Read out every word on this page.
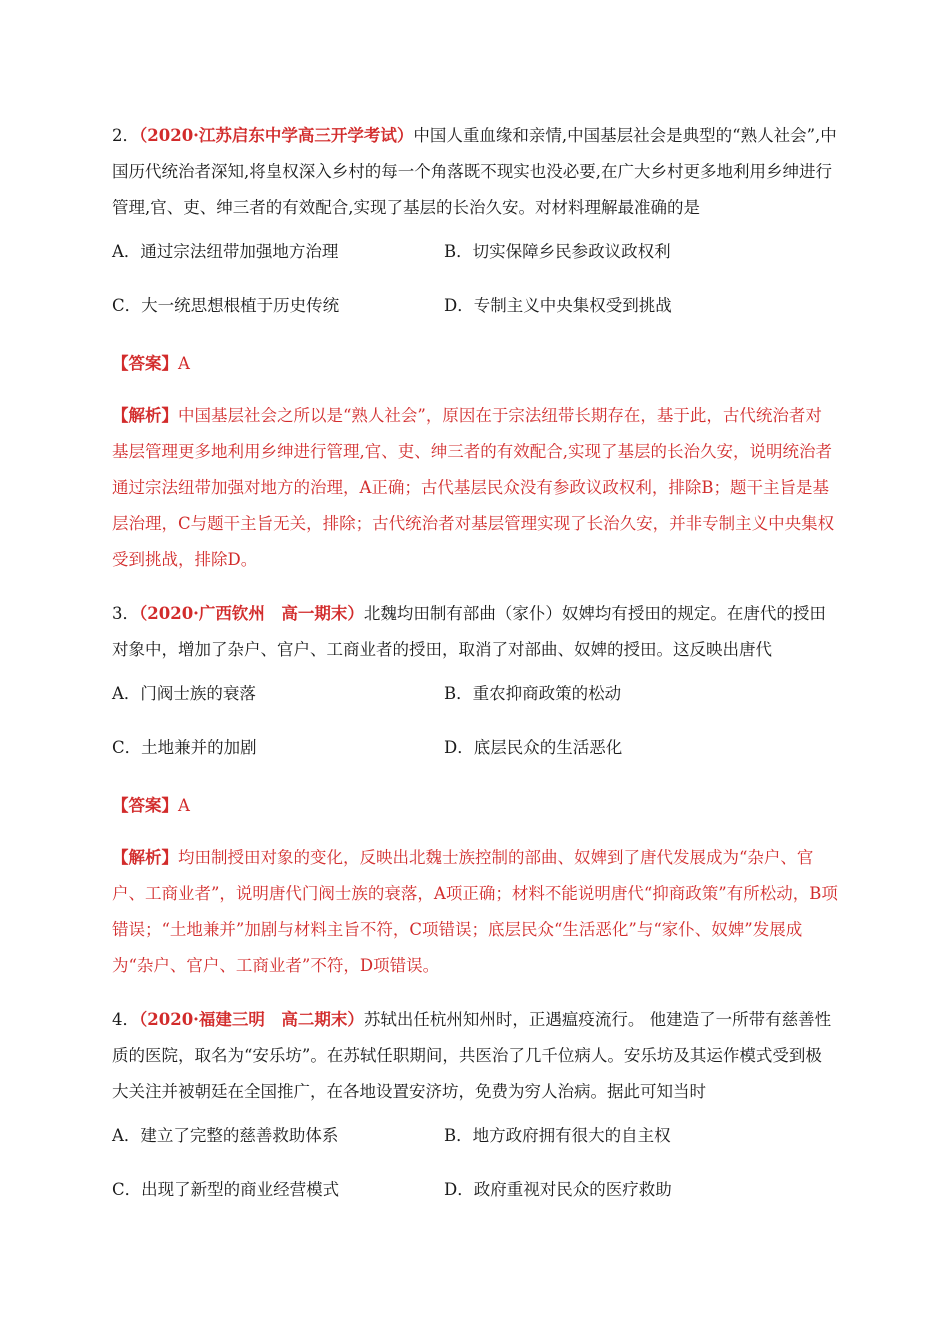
2．（2020·江苏启东中学高三开学考试）中国人重血缘和亲情,中国基层社会是典型的“熟人社会”,中国历代统治者深知,将皇权深入乡村的每一个角落既不现实也没必要,在广大乡村更多地利用乡绅进行管理,官、吏、绅三者的有效配合,实现了基层的长治久安。对材料理解最准确的是

A．通过宗法纽带加强地方治理	B．切实保障乡民参政议政权利
C．大一统思想根植于历史传统	D．专制主义中央集权受到挑战

【答案】A

【解析】中国基层社会之所以是“熟人社会”，原因在于宗法纽带长期存在，基于此，古代统治者对基层管理更多地利用乡绅进行管理,官、吏、绅三者的有效配合,实现了基层的长治久安，说明统治者通过宗法纽带加强对地方的治理，A正确；古代基层民众没有参政议政权利，排除B；题干主旨是基层治理，C与题干主旨无关，排除；古代统治者对基层管理实现了长治久安，并非专制主义中央集权受到挑战，排除D。

3．（2020·广西钦州　高一期末）北魏均田制有部曲（家仆）奴婢均有授田的规定。在唐代的授田对象中，增加了杂户、官户、工商业者的授田，取消了对部曲、奴婢的授田。这反映出唐代

A．门阀士族的衰落	B．重农抑商政策的松动
C．土地兼并的加剧	D．底层民众的生活恶化

【答案】A

【解析】均田制授田对象的变化，反映出北魏士族控制的部曲、奴婢到了唐代发展成为“杂户、官户、工商业者”，说明唐代门阀士族的衰落，A项正确；材料不能说明唐代“抑商政策”有所松动，B项错误；“土地兼并”加剧与材料主旨不符，C项错误；底层民众“生活恶化”与“家仆、奴婢”发展成为“杂户、官户、工商业者”不符，D项错误。

4．（2020·福建三明　高二期末）苏轼出任杭州知州时，正遇瘟疫流行。 他建造了一所带有慈善性质的医院，取名为“安乐坊”。在苏轼任职期间，共医治了几千位病人。安乐坊及其运作模式受到极大关注并被朝廷在全国推广，在各地设置安济坊，免费为穷人治病。据此可知当时

A．建立了完整的慈善救助体系	B．地方政府拥有很大的自主权
C．出现了新型的商业经营模式	D．政府重视对民众的医疗救助
